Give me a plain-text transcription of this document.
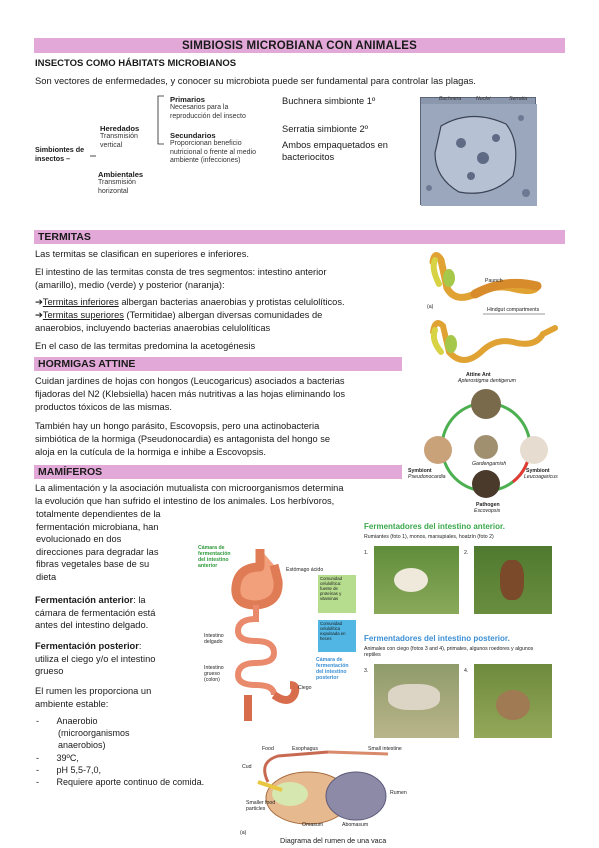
SIMBIOSIS MICROBIANA CON ANIMALES
INSECTOS COMO HÁBITATS MICROBIANOS
Son vectores de enfermedades, y conocer su microbiota puede ser fundamental para controlar las plagas.
Simbiontes de insectos –
Heredados
Transmisión
vertical
Ambientales
Transmisión
horizontal
Primarios
Necesarios para la
reproducción del insecto
Secundarios
Proporcionan beneficio
nutricional o frente al medio
ambiente (infecciones)
Buchnera simbionte 1º
Serratia simbionte 2º
Ambos empaquetados en bacteriocitos
Buchnera	Nuclei	Serratia
TERMITAS
Las termitas se clasifican en superiores e inferiores.
El intestino de las termitas consta de tres segmentos: intestino anterior
(amarillo), medio (verde) y posterior (naranja):
➔Termitas inferiores albergan bacterias anaerobias y protistas celulolíticos.
➔Termitas superiores (Termitidae) albergan diversas comunidades de
anaerobios, incluyendo bacterias anaerobias celulolíticas
En el caso de las termitas predomina la acetogénesis
Paunch
Hindgut compartments
(a)
HORMIGAS ATTINE
Cuidan jardines de hojas con hongos (Leucogaricus) asociados a bacterias
fijadoras del N2 (Klebsiella) hacen más nutritivas a las hojas eliminando los
productos tóxicos de las mismas.
También hay un hongo parásito, Escovopsis, pero una actinobacteria
simbiótica de la hormiga (Pseudonocardia) es antagonista del hongo se
aloja en la cutícula de la hormiga e inhibe a Escovopsis.
Attine Ant
Apterostigma dentigerum
Gardengarnish
Symbiont
Pseudonocardia
Symbiont
Leucoagaricus
Pathogen
Escovopsis
MAMÍFEROS
La alimentación y la asociación mutualista con microorganismos determina
la evolución que han sufrido el intestino de los animales. Los herbívoros,
totalmente dependientes de la
fermentación microbiana, han
evolucionado en dos
direcciones para degradar las
fibras vegetales base de su
dieta
Fermentación anterior: la
cámara de fermentación está
antes del intestino delgado.
Fermentación posterior:
utiliza el ciego y/o el intestino
grueso
El rumen les proporciona un
ambiente estable:
-       Anaerobio
(microorganismos
anaerobios)
-       39ºC,
-       pH 5,5-7,0,
-       Requiere aporte continuo de comida.
Cámara de
fermentación
del intestino
anterior
Estómago ácido
Intestino
delgado
Intestino
grueso
(colon)
Ciego
Comunidad
celulolítica:
fuente de
proteínas y
vitaminas
Comunidad
celulolítica
expulsada en
heces
Cámara de
fermentación
del intestino
posterior
Fermentadores del intestino anterior.
Rumiantes (foto 1), monos, marsupiales, hoatzín (foto 2)
1.	2.
Fermentadores del intestino posterior.
Animales con ciego (fotos 3 and 4), primates, algunos roedores y algunos
reptiles
3.	4.
Food	Esophagus	Small intestine
Cud
Rumen
Smaller food particles
Omasum	Abomasum
(a)
Diagrama del rumen de una vaca
